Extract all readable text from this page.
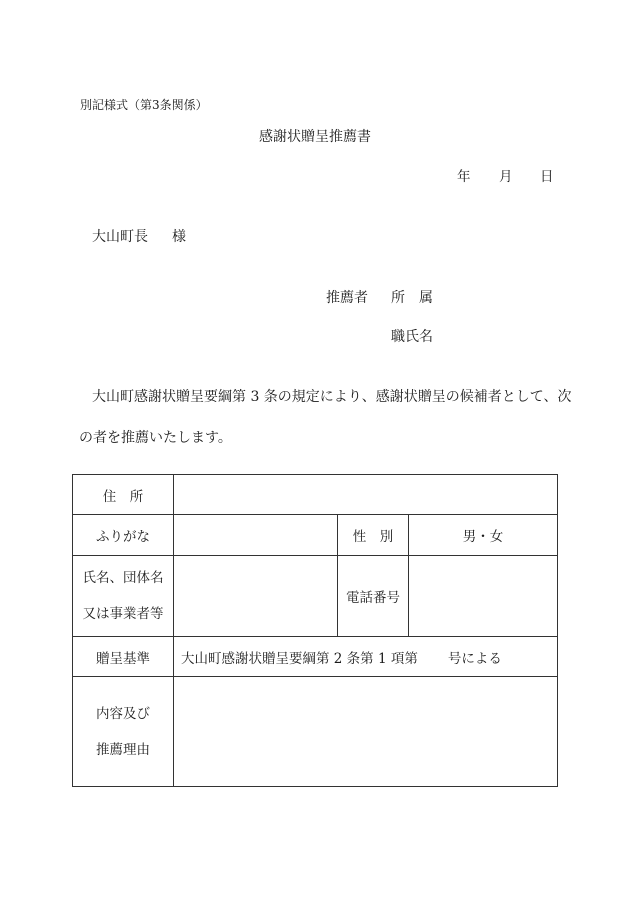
別記様式（第3条関係）
感謝状贈呈推薦書
年 月 日
大山町長 様
推薦者 所　属
職氏名
大山町感謝状贈呈要綱第 3 条の規定により、感謝状贈呈の候補者として、次
の者を推薦いたします。
住　所			
ふりがな		性　別	男・女

氏名、団体名
又は事業者等		電話番号	
贈呈基準	大山町感謝状贈呈要綱第 2 条第 1 項第 号による		

内容及び
推薦理由			
